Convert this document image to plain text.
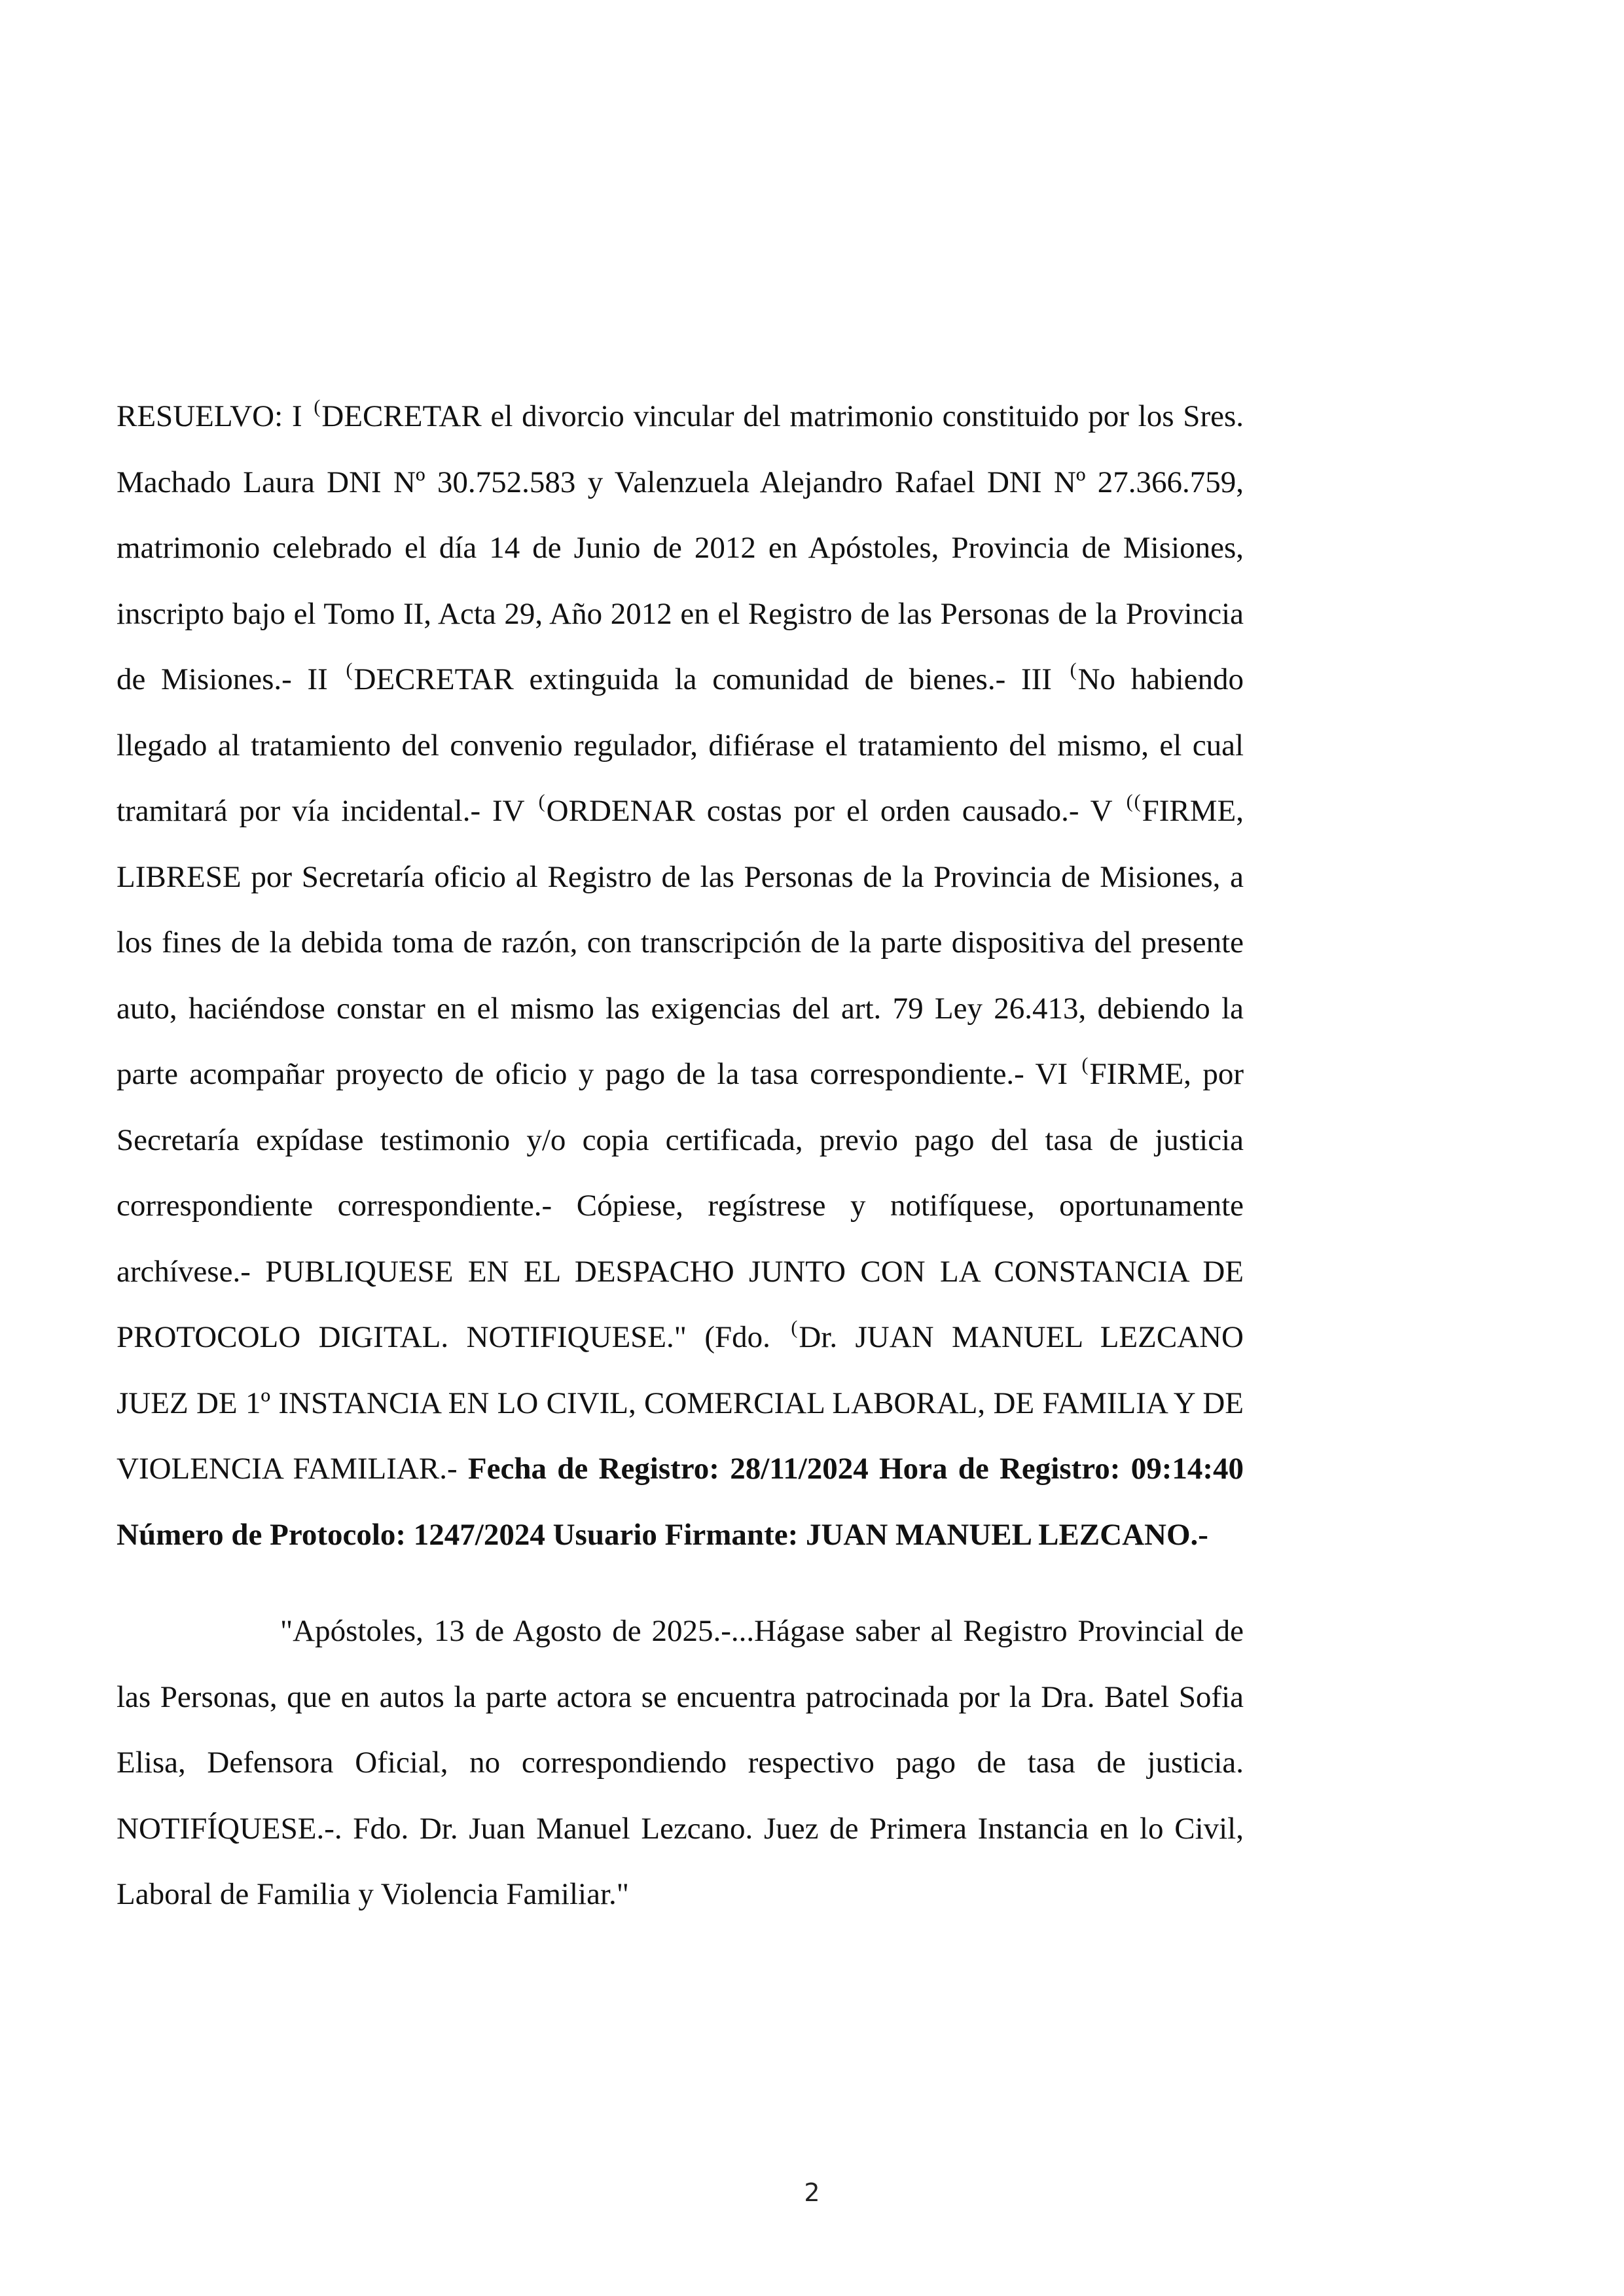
RESUELVO: I (DECRETAR el divorcio vincular del matrimonio constituido por los Sres. Machado Laura DNI Nº 30.752.583 y Valenzuela Alejandro Rafael DNI Nº 27.366.759, matrimonio celebrado el día 14 de Junio de 2012 en Apóstoles, Provincia de Misiones, inscripto bajo el Tomo II, Acta 29, Año 2012 en el Registro de las Personas de la Provincia de Misiones.- II (DECRETAR extinguida la comunidad de bienes.- III (No habiendo llegado al tratamiento del convenio regulador, difiérase el tratamiento del mismo, el cual tramitará por vía incidental.- IV (ORDENAR costas por el orden causado.- V ((FIRME, LIBRESE por Secretaría oficio al Registro de las Personas de la Provincia de Misiones, a los fines de la debida toma de razón, con transcripción de la parte dispositiva del presente auto, haciéndose constar en el mismo las exigencias del art. 79 Ley 26.413, debiendo la parte acompañar proyecto de oficio y pago de la tasa correspondiente.- VI (FIRME, por Secretaría expídase testimonio y/o copia certificada, previo pago del tasa de justicia correspondiente correspondiente.- Cópiese, regístrese y notifíquese, oportunamente archívese.- PUBLIQUESE EN EL DESPACHO JUNTO CON LA CONSTANCIA DE PROTOCOLO DIGITAL. NOTIFIQUESE." (Fdo. (Dr. JUAN MANUEL LEZCANO JUEZ DE 1º INSTANCIA EN LO CIVIL, COMERCIAL LABORAL, DE FAMILIA Y DE VIOLENCIA FAMILIAR.- Fecha de Registro: 28/11/2024 Hora de Registro: 09:14:40 Número de Protocolo: 1247/2024 Usuario Firmante: JUAN MANUEL LEZCANO.-

"Apóstoles, 13 de Agosto de 2025.-...Hágase saber al Registro Provincial de las Personas, que en autos la parte actora se encuentra patrocinada por la Dra. Batel Sofia Elisa, Defensora Oficial, no correspondiendo respectivo pago de tasa de justicia. NOTIFÍQUESE.-. Fdo. Dr. Juan Manuel Lezcano. Juez de Primera Instancia en lo Civil, Laboral de Familia y Violencia Familiar."

2
